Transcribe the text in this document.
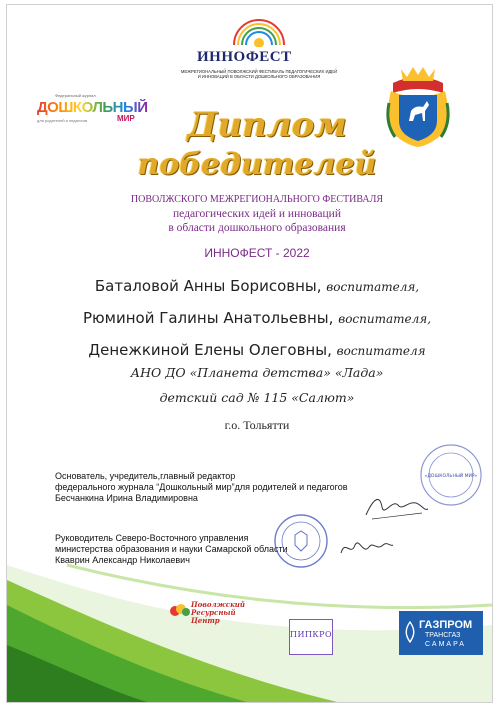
ИННОФЕСТ
МЕЖРЕГИОНАЛЬНЫЙ ПОВОЛЖСКИЙ ФЕСТИВАЛЬ ПЕДАГОГИЧЕСКИХ ИДЕЙ И ИННОВАЦИЙ В ОБЛАСТИ ДОШКОЛЬНОГО ОБРАЗОВАНИЯ
Федеральный журнал
ДОШКОЛЬНЫЙ
МИР
для родителей и педагогов	Диплом
победителей
ПОВОЛЖСКОГО МЕЖРЕГИОНАЛЬНОГО ФЕСТИВАЛЯ
педагогических идей и инноваций
в области дошкольного образования
ИННОФЕСТ - 2022
Баталовой Анны Борисовны, воспитателя,
Рюминой Галины Анатольевны, воспитателя,
Денежкиной Елены Олеговны, воспитателя
АНО ДО «Планета детства» «Лада»
детский сад № 115 «Салют»
г.о. Тольятти
Основатель, учредитель,главный редактор
федерального журнала “Дошкольный мир”для родителей и педагогов
Бесчанкина Ирина Владимировна
Руководитель Северо-Восточного управления
министерства образования и науки Самарской области
Кваврин Александр Николаевич
«ДОШКОЛЬНЫЙ МИР»
Поволжский Ресурсный Центр
ПИПКРО
ГАЗПРОМ
ТРАНСГАЗ
САМАРА
